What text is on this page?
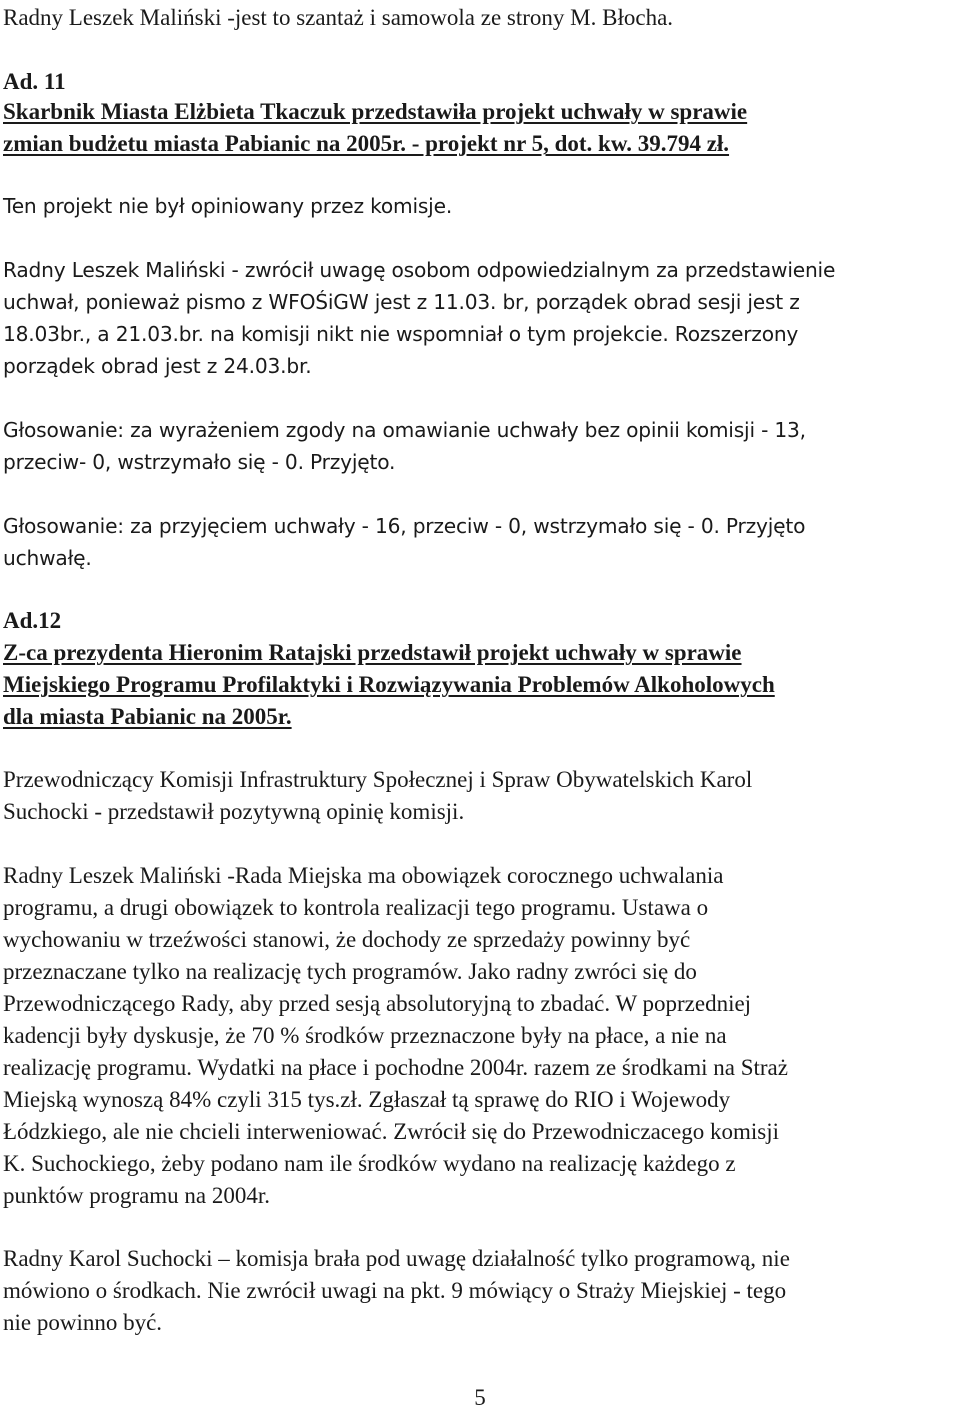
Radny Leszek Maliński -jest to szantaż i samowola ze strony M. Błocha.
Ad. 11
Skarbnik Miasta Elżbieta Tkaczuk przedstawiła projekt uchwały w sprawie
zmian budżetu miasta Pabianic na 2005r. - projekt nr 5, dot. kw. 39.794 zł.
Ten projekt nie był opiniowany przez komisje.
Radny Leszek Maliński - zwrócił uwagę osobom odpowiedzialnym za przedstawienie
uchwał, ponieważ pismo z WFOŚiGW jest z 11.03. br, porządek obrad sesji jest z
18.03br., a 21.03.br. na komisji nikt nie wspomniał o tym projekcie. Rozszerzony
porządek obrad jest z 24.03.br.
Głosowanie: za wyrażeniem zgody na omawianie uchwały bez opinii komisji - 13,
przeciw- 0, wstrzymało się - 0. Przyjęto.
Głosowanie: za przyjęciem uchwały - 16, przeciw - 0, wstrzymało się - 0. Przyjęto
uchwałę.
Ad.12
Z-ca prezydenta Hieronim Ratajski przedstawił projekt uchwały w sprawie
Miejskiego Programu Profilaktyki i Rozwiązywania Problemów Alkoholowych
dla miasta Pabianic na 2005r.
Przewodniczący Komisji Infrastruktury Społecznej i Spraw Obywatelskich Karol
Suchocki - przedstawił pozytywną opinię komisji.
Radny Leszek Maliński -Rada Miejska ma obowiązek corocznego uchwalania
programu, a drugi obowiązek to kontrola realizacji tego programu. Ustawa o
wychowaniu w trzeźwości stanowi, że dochody ze sprzedaży powinny być
przeznaczane tylko na realizację tych programów. Jako radny zwróci się do
Przewodniczącego Rady, aby przed sesją absolutoryjną to zbadać. W poprzedniej
kadencji były dyskusje, że 70 % środków przeznaczone były na płace, a nie na
realizację programu. Wydatki na płace i pochodne 2004r. razem ze środkami na Straż
Miejską wynoszą 84% czyli 315 tys.zł. Zgłaszał tą sprawę do RIO i Wojewody
Łódzkiego, ale nie chcieli interweniować. Zwrócił się do Przewodniczacego komisji
K. Suchockiego, żeby podano nam ile środków wydano na realizację każdego z
punktów programu na 2004r.
Radny Karol Suchocki – komisja brała pod uwagę działalność tylko programową, nie
mówiono o środkach. Nie zwrócił uwagi na pkt. 9 mówiący o Straży Miejskiej - tego
nie powinno być.
5
